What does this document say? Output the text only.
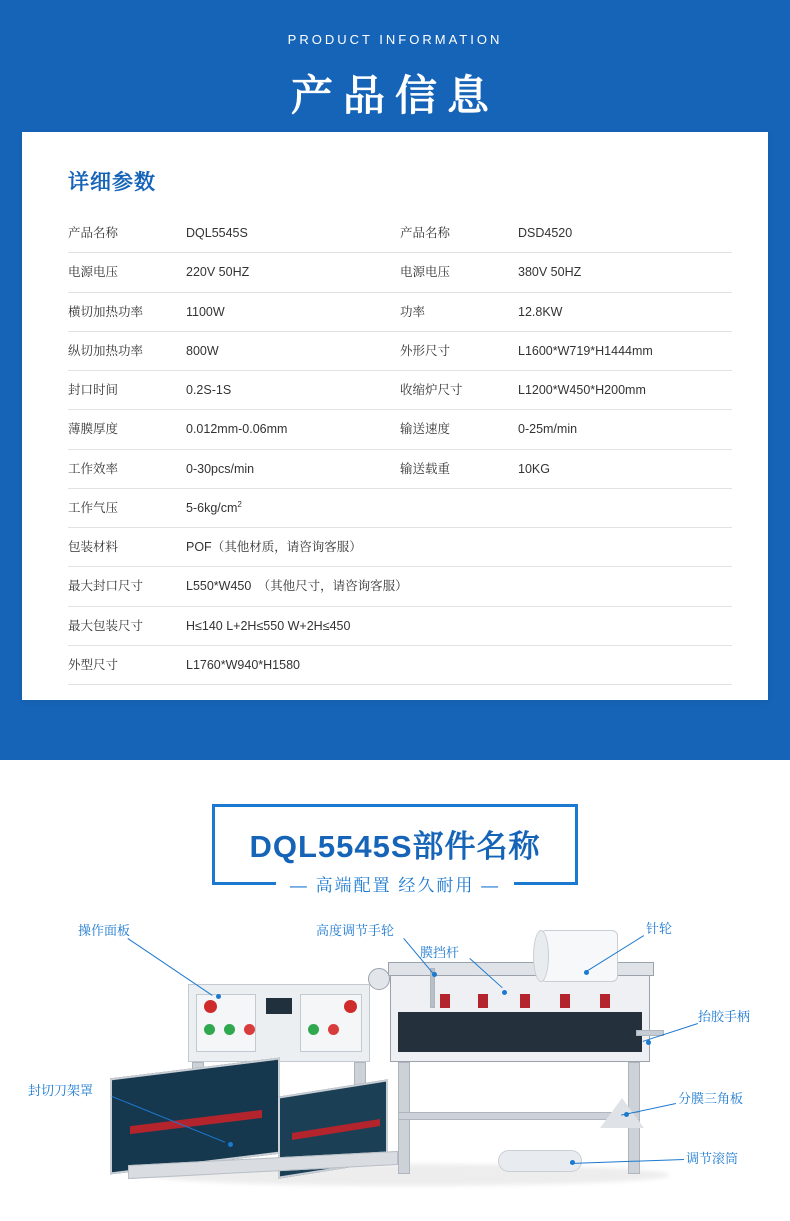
PRODUCT INFORMATION
产品信息
详细参数
产品名称	DQL5545S	产品名称	DSD4520
电源电压	220V 50HZ	电源电压	380V 50HZ
横切加热功率	1100W	功率	12.8KW
纵切加热功率	800W	外形尺寸	L1600*W719*H1444mm
封口时间	0.2S-1S	收缩炉尺寸	L1200*W450*H200mm
薄膜厚度	0.012mm-0.06mm	输送速度	0-25m/min
工作效率	0-30pcs/min	输送载重	10KG
工作气压	$5-6kg/cm^2$		
包装材料	POF（其他材质，请咨询客服）		
最大封口尺寸	L550*W450　（其他尺寸，请咨询客服）		
最大包装尺寸	H≤140 L+2H≤550 W+2H≤450		
外型尺寸	L1760*W940*H1580		
DQL5545S部件名称
— 高端配置 经久耐用 —
操作面板	高度调节手轮
膜挡杆
针轮
抬胶手柄
分膜三角板
调节滚筒
封切刀架罩
